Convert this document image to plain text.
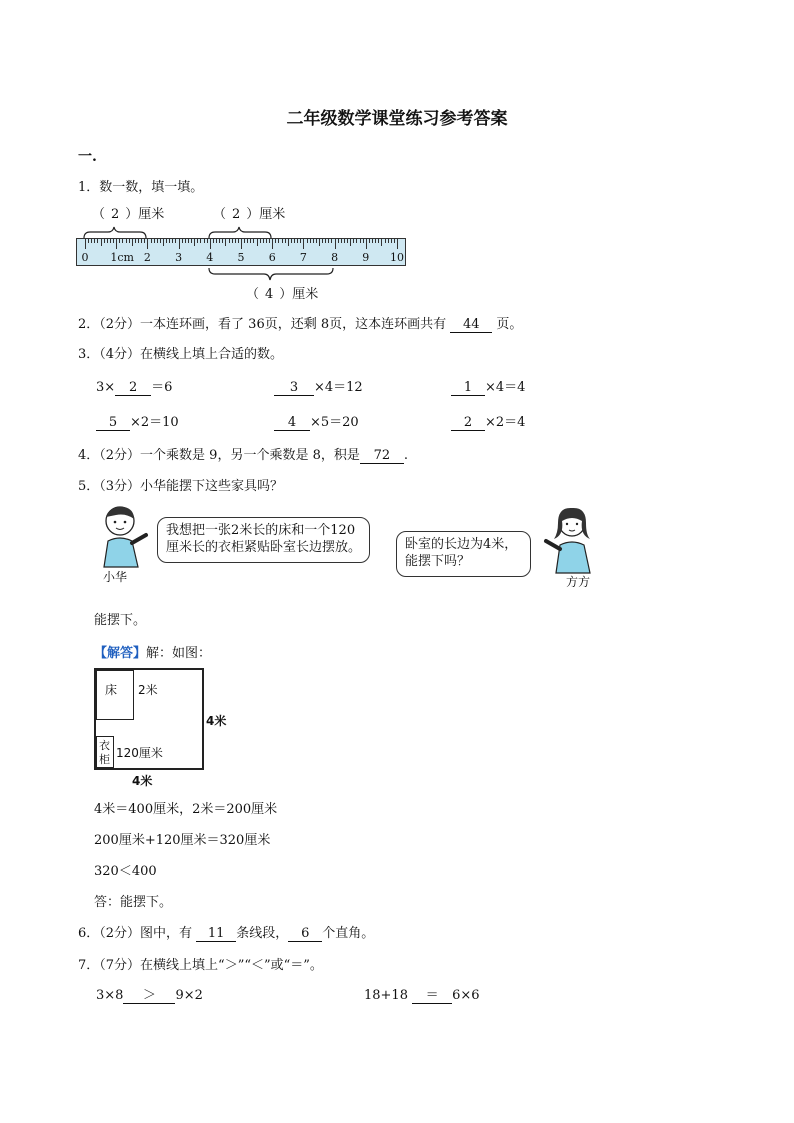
二年级数学课堂练习参考答案
一.
1．数一数，填一填。
（ 2 ）厘米	（ 2 ）厘米
0 1cm 2 3 4 5 6 7 8 9 10
（ 4 ）厘米
2．（2分）一本连环画，看了 36页，还剩 8页，这本连环画共有 44 页。
3．（4分）在横线上填上合适的数。
3× 2 ＝6	3 ×4＝12	1 ×4＝4
5 ×2＝10	4 ×5＝20	2 ×2＝4
4．（2分）一个乘数是 9，另一个乘数是 8，积是 72 .
5．（3分）小华能摆下这些家具吗？
小华
我想把一张2米长的床和一个120厘米长的衣柜紧贴卧室长边摆放。	卧室的长边为4米，能摆下吗？
方方
能摆下。
【解答】解：如图：
床	2米
衣
柜 120厘米
4米
4米
4米＝400厘米，2米＝200厘米
200厘米+120厘米＝320厘米
320＜400
答：能摆下。
6．（2分）图中，有 11 条线段， 6 个直角。
7．（7分）在横线上填上“＞”“＜”或“＝”。
3×8 ＞ 9×2	18+18 ＝ 6×6
